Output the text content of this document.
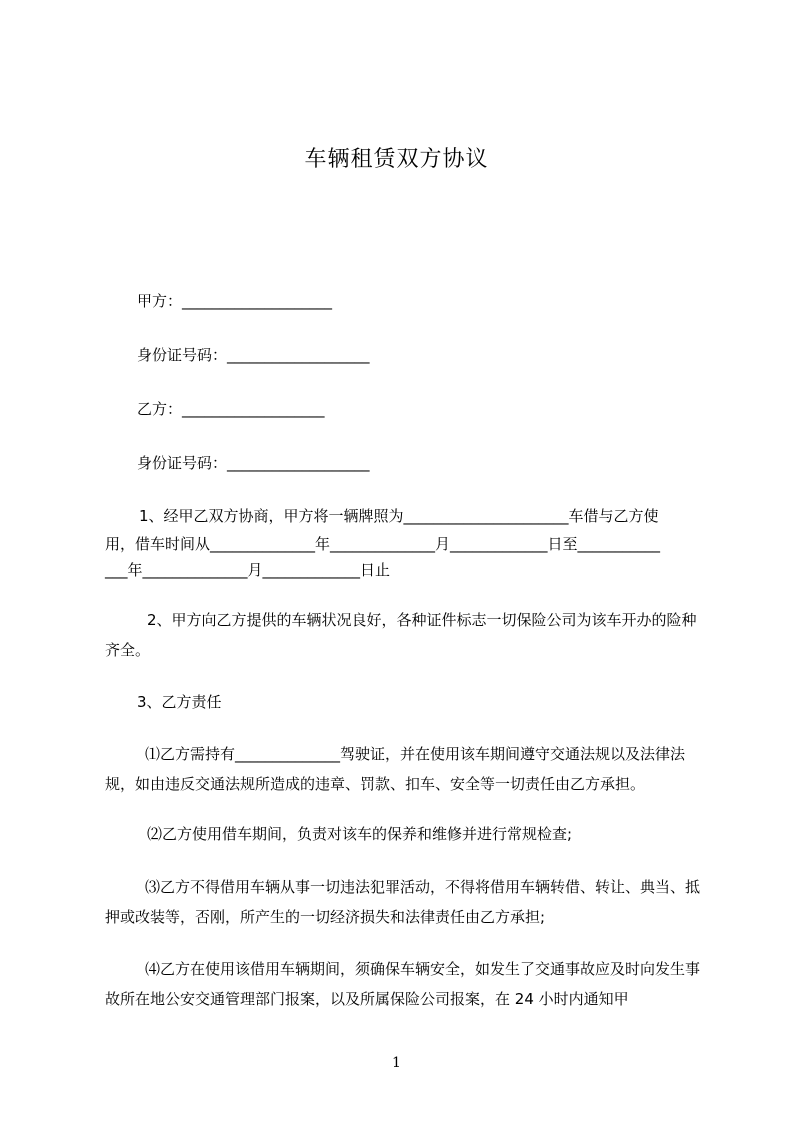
车辆租赁双方协议
甲方：____________________
身份证号码：___________________
乙方：___________________
身份证号码：___________________
1、经甲乙双方协商，甲方将一辆牌照为______________________车借与乙方使
用，借车时间从______________年______________月_____________日至___________
___年______________月_____________日止
2、甲方向乙方提供的车辆状况良好，各种证件标志一切保险公司为该车开办的险种齐全。
3、乙方责任
⑴乙方需持有______________驾驶证，并在使用该车期间遵守交通法规以及法律法规，如由违反交通法规所造成的违章、罚款、扣车、安全等一切责任由乙方承担。
⑵乙方使用借车期间，负责对该车的保养和维修并进行常规检查;
⑶乙方不得借用车辆从事一切违法犯罪活动，不得将借用车辆转借、转让、典当、抵押或改装等，否刚，所产生的一切经济损失和法律责任由乙方承担;
⑷乙方在使用该借用车辆期间，须确保车辆安全，如发生了交通事故应及时向发生事故所在地公安交通管理部门报案，以及所属保险公司报案，在 24 小时内通知甲
1
